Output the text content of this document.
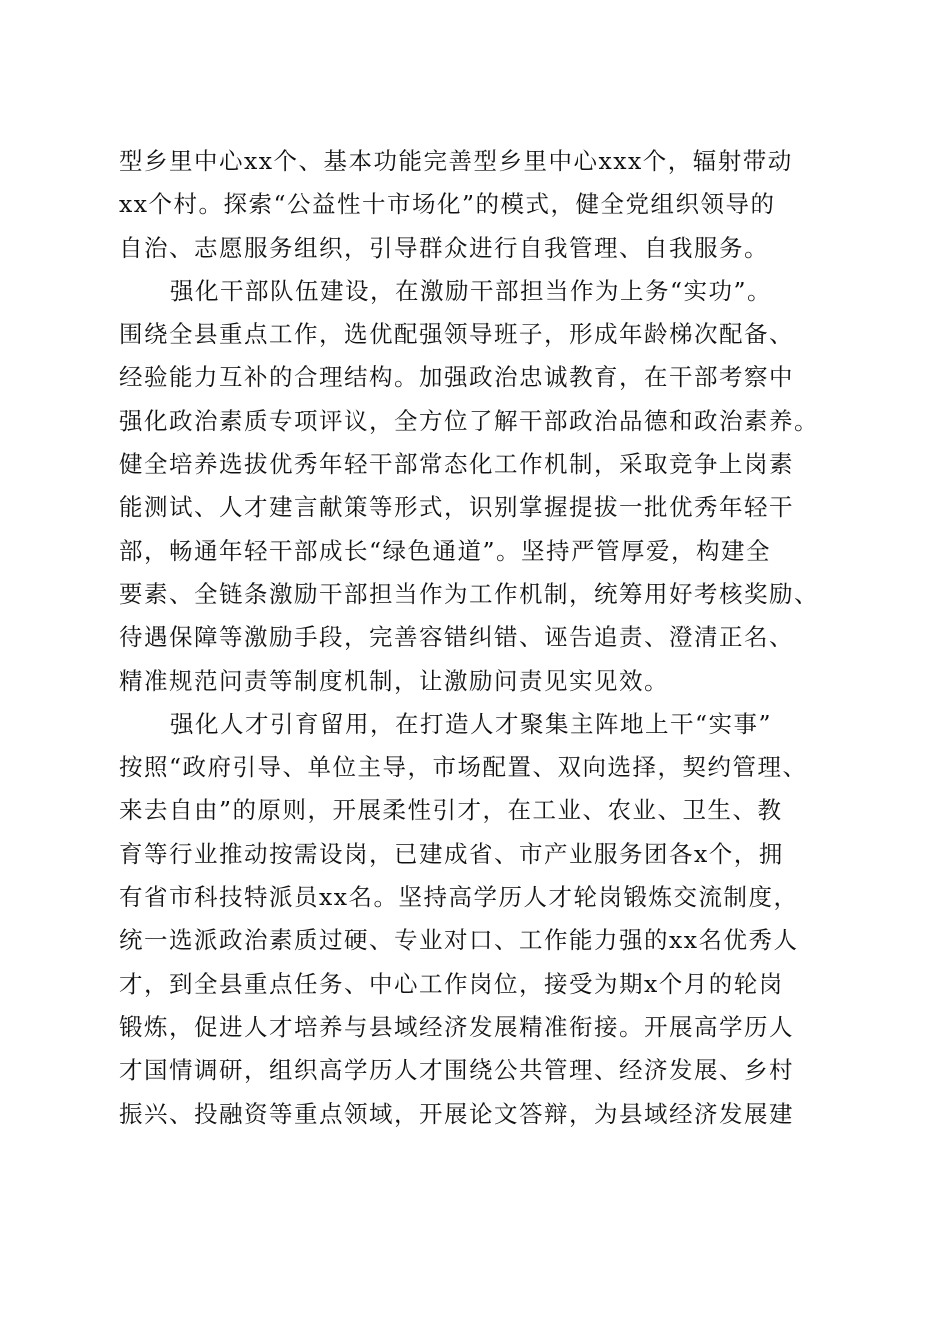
型乡里中心xx个、基本功能完善型乡里中心xxx个，辐射带动
xx个村。探索“公益性十市场化”的模式，健全党组织领导的
自治、志愿服务组织，引导群众进行自我管理、自我服务。
强化干部队伍建设，在激励干部担当作为上务“实功”。
围绕全县重点工作，选优配强领导班子，形成年龄梯次配备、
经验能力互补的合理结构。加强政治忠诚教育，在干部考察中
强化政治素质专项评议，全方位了解干部政治品德和政治素养。
健全培养选拔优秀年轻干部常态化工作机制，采取竞争上岗素
能测试、人才建言献策等形式，识别掌握提拔一批优秀年轻干
部，畅通年轻干部成长“绿色通道”。坚持严管厚爱，构建全
要素、全链条激励干部担当作为工作机制，统筹用好考核奖励、
待遇保障等激励手段，完善容错纠错、诬告追责、澄清正名、
精准规范问责等制度机制，让激励问责见实见效。
强化人才引育留用，在打造人才聚集主阵地上干“实事”
按照“政府引导、单位主导，市场配置、双向选择，契约管理、
来去自由”的原则，开展柔性引才，在工业、农业、卫生、教
育等行业推动按需设岗，已建成省、市产业服务团各x个，拥
有省市科技特派员xx名。坚持高学历人才轮岗锻炼交流制度，
统一选派政治素质过硬、专业对口、工作能力强的xx名优秀人
才，到全县重点任务、中心工作岗位，接受为期x个月的轮岗
锻炼，促进人才培养与县域经济发展精准衔接。开展高学历人
才国情调研，组织高学历人才围绕公共管理、经济发展、乡村
振兴、投融资等重点领域，开展论文答辩，为县域经济发展建
